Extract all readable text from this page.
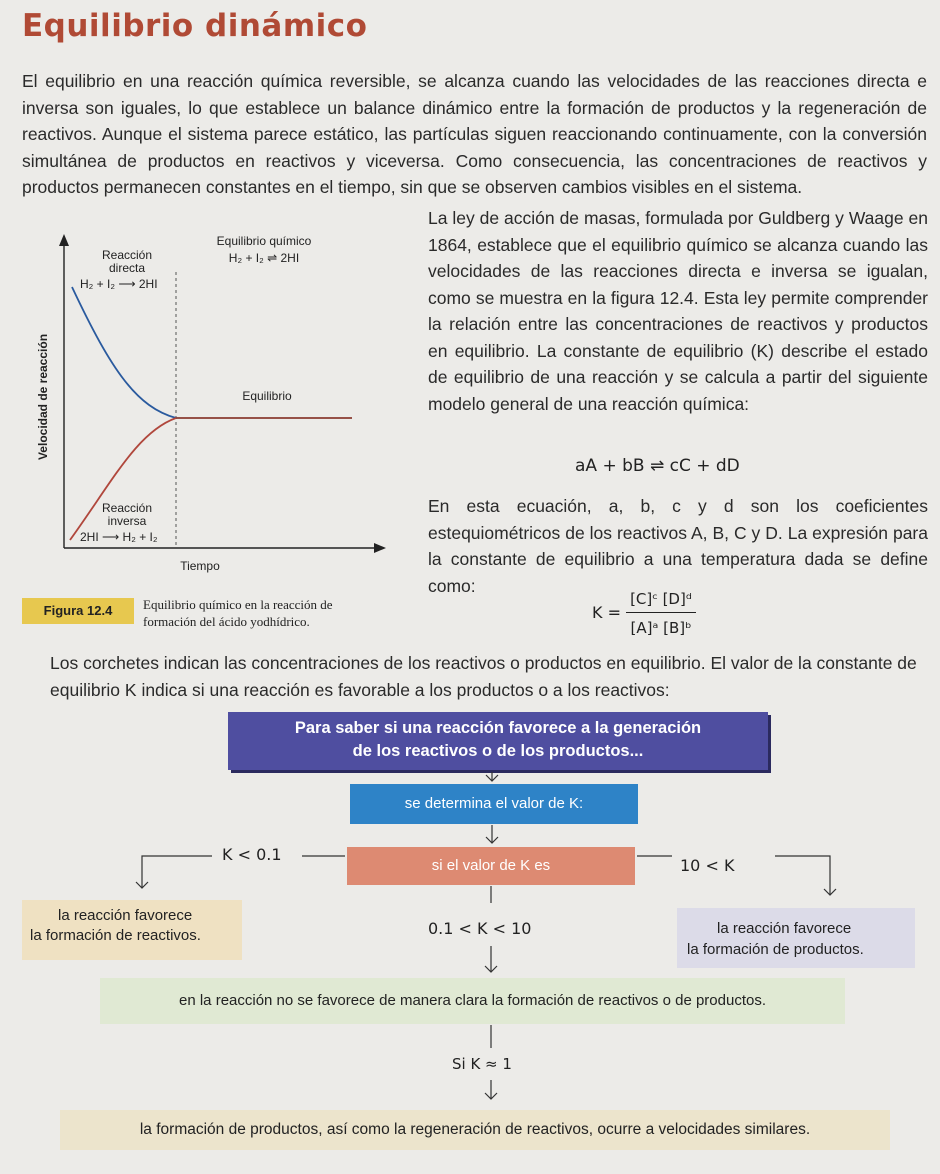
Equilibrio dinámico
El equilibrio en una reacción química reversible, se alcanza cuando las velocidades de las reacciones directa e inversa son iguales, lo que establece un balance dinámico entre la formación de productos y la regeneración de reactivos. Aunque el sistema parece estático, las partículas siguen reaccionando continuamente, con la conversión simultánea de productos en reactivos y viceversa. Como consecuencia, las concentraciones de reactivos y productos permanecen constantes en el tiempo, sin que se observen cambios visibles en el sistema.
Velocidad de reacción
Tiempo
Reacción
directa
H₂ + I₂ ⟶ 2HI
Equilibrio químico
H₂ + I₂ ⇌ 2HI
Equilibrio
Reacción
inversa
2HI ⟶ H₂ + I₂
Figura 12.4	Equilibrio químico en la reacción de
formación del ácido yodhídrico.
La ley de acción de masas, formulada por Guldberg y Waage en 1864, establece que el equilibrio químico se alcanza cuando las velocidades de las reacciones directa e inversa se igualan, como se muestra en la figura 12.4. Esta ley permite comprender la relación entre las concentraciones de reactivos y productos en equilibrio. La constante de equilibrio (K) describe el estado de equilibrio de una reacción y se calcula a partir del siguiente modelo general de una reacción química:
aA + bB ⇌ cC + dD
En esta ecuación, a, b, c y d son los coeficientes estequiométricos de los reactivos A, B, C y D. La expresión para la constante de equilibrio a una temperatura dada se define como:
$K = \frac{\text{[C]ᶜ [D]ᵈ}}{\text{[A]ᵃ [B]ᵇ}}$
Los corchetes indican las concentraciones de los reactivos o productos en equilibrio. El valor de la constante de equilibrio K indica si una reacción es favorable a los productos o a los reactivos:
Para saber si una reacción favorece a la generación
de los reactivos o de los productos...
se determina el valor de K:
si el valor de K es
K < 0.1
10 < K
0.1 < K < 10
la reacción favorece
la formación de reactivos.	la reacción favorece
la formación de productos.
en la reacción no se favorece de manera clara la formación de reactivos o de productos.
Si K ≈ 1
la formación de productos, así como la regeneración de reactivos, ocurre a velocidades similares.
